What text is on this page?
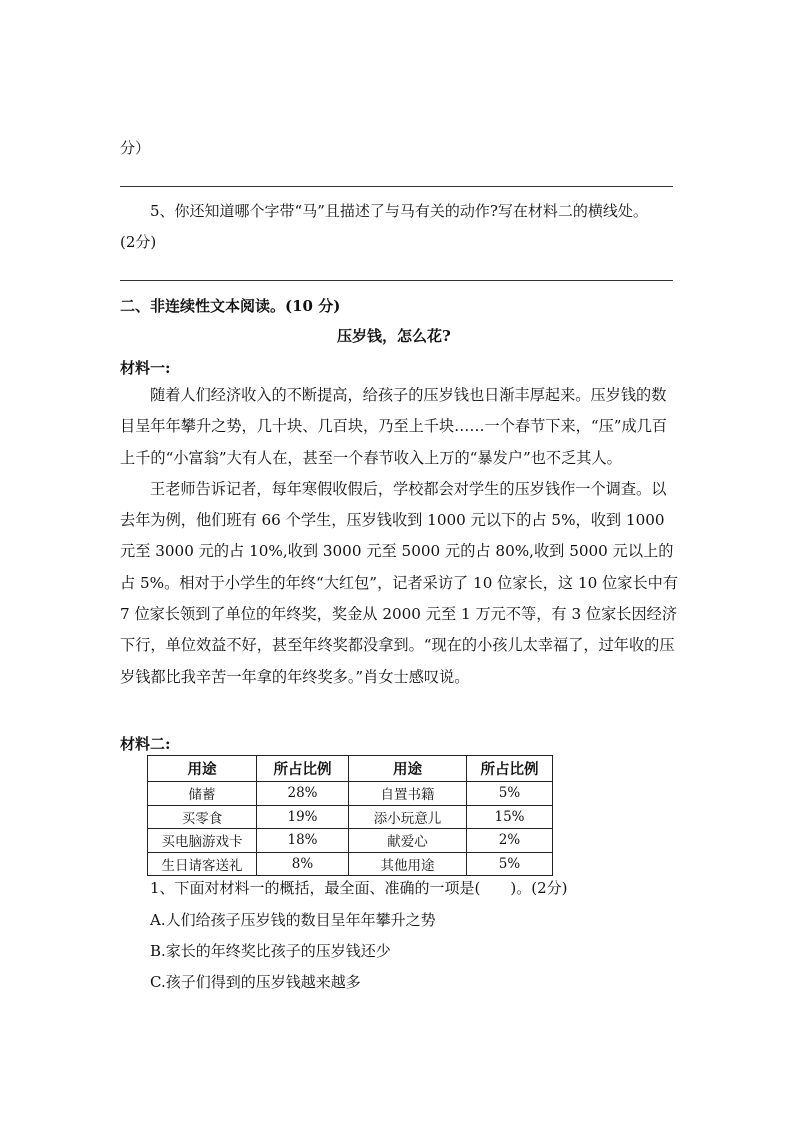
分）
5、你还知道哪个字带“马”且描述了与马有关的动作?写在材料二的横线处。
(2分)
二、非连续性文本阅读。(10 分)
压岁钱，怎么花?
材料一:

随着人们经济收入的不断提高，给孩子的压岁钱也日渐丰厚起来。压岁钱的数目呈年年攀升之势，几十块、几百块，乃至上千块……一个春节下来，“压”成几百上千的“小富翁”大有人在，甚至一个春节收入上万的“暴发户”也不乏其人。

王老师告诉记者，每年寒假收假后，学校都会对学生的压岁钱作一个调查。以去年为例，他们班有 66 个学生，压岁钱收到 1000 元以下的占 5%，收到 1000 元至 3000 元的占 10%,收到 3000 元至 5000 元的占 80%,收到 5000 元以上的占 5%。相对于小学生的年终“大红包”，记者采访了 10 位家长，这 10 位家长中有 7 位家长领到了单位的年终奖，奖金从 2000 元至 1 万元不等，有 3 位家长因经济下行，单位效益不好，甚至年终奖都没拿到。“现在的小孩儿太幸福了，过年收的压岁钱都比我辛苦一年拿的年终奖多。”肖女士感叹说。

材料二:
用途	所占比例	用途	所占比例
储蓄	28%	自置书籍	5%
买零食	19%	添小玩意儿	15%
买电脑游戏卡	18%	献爱心	2%
生日请客送礼	8%	其他用途	5%
1、下面对材料一的概括，最全面、准确的一项是(　　)。(2分)
A.人们给孩子压岁钱的数目呈年年攀升之势
B.家长的年终奖比孩子的压岁钱还少
C.孩子们得到的压岁钱越来越多
